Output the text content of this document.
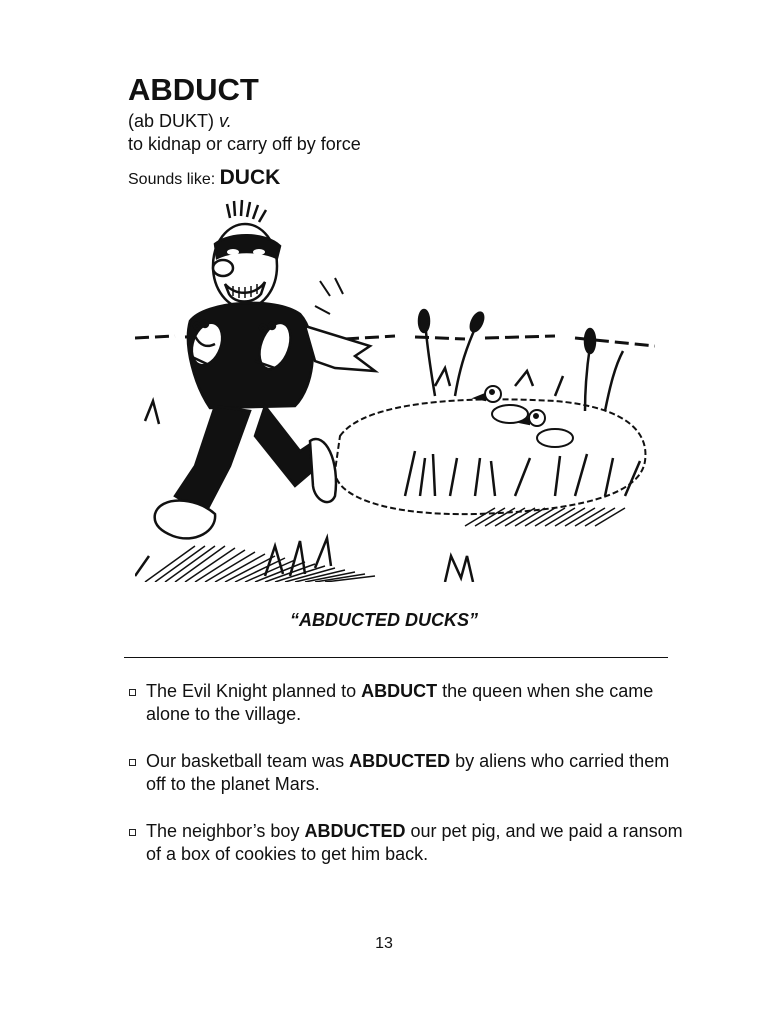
ABDUCT
(ab DUKT) v.
to kidnap or carry off by force
Sounds like: DUCK
“ABDUCTED DUCKS”
The Evil Knight planned to ABDUCT the queen when she came alone to the village.
Our basketball team was ABDUCTED by aliens who carried them off to the planet Mars.
The neighbor’s boy ABDUCTED our pet pig, and we paid a ransom of a box of cookies to get him back.
13
